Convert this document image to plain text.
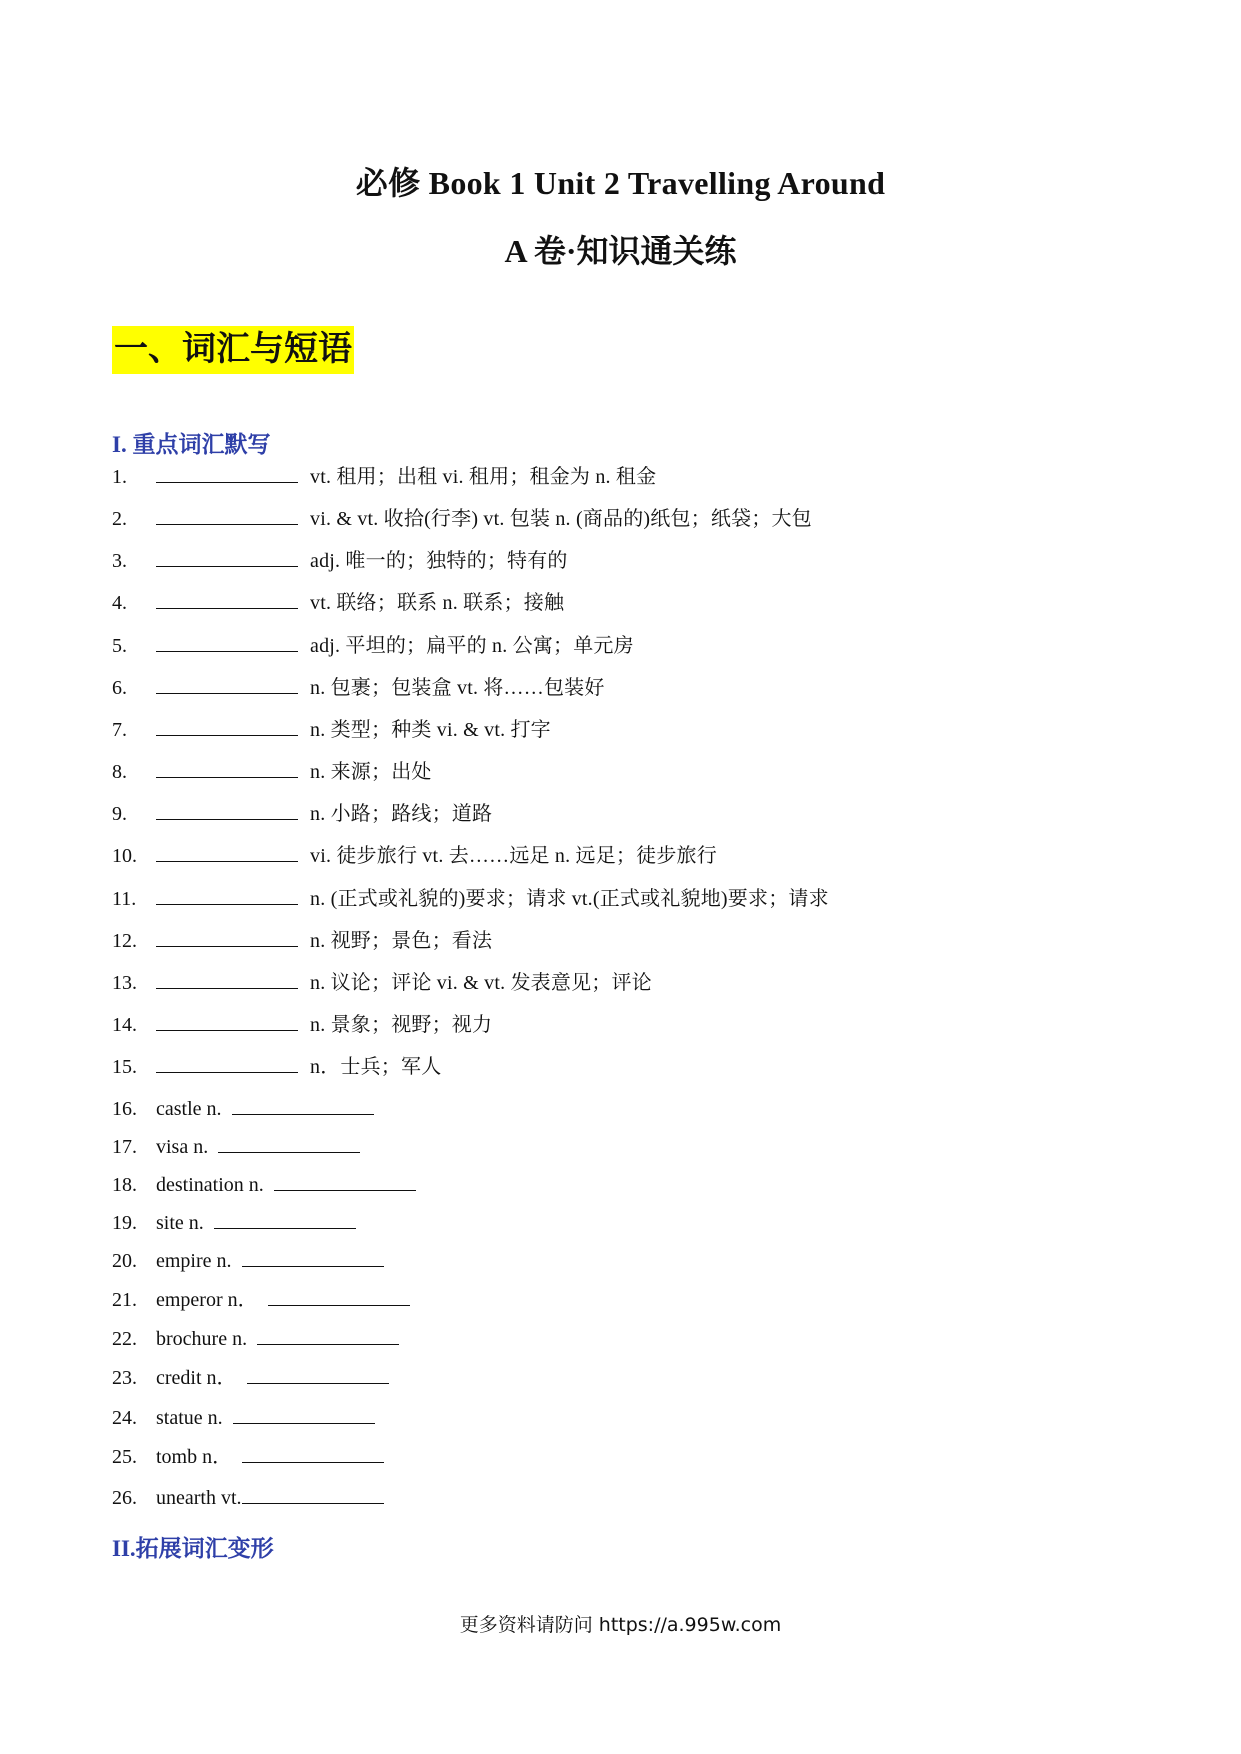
必修 Book 1 Unit 2 Travelling Around
A 卷·知识通关练
一、词汇与短语
I. 重点词汇默写
1.	vt. 租用；出租 vi. 租用；租金为 n. 租金
2.	vi. & vt. 收拾(行李) vt. 包装 n. (商品的)纸包；纸袋；大包
3.	adj. 唯一的；独特的；特有的
4.	vt. 联络；联系 n. 联系；接触
5.	adj. 平坦的；扁平的 n. 公寓；单元房
6.	n. 包裹；包装盒 vt. 将……包装好
7.	n. 类型；种类 vi. & vt. 打字
8.	n. 来源；出处
9.	n. 小路；路线；道路
10.	vi. 徒步旅行 vt. 去……远足 n. 远足；徒步旅行
11.	n. (正式或礼貌的)要求；请求 vt.(正式或礼貌地)要求；请求
12.	n. 视野；景色；看法
13.	n. 议论；评论 vi. & vt. 发表意见；评论
14.	n. 景象；视野；视力
15.	n．士兵；军人
16. castle n.
17. visa n.
18. destination n.
19. site n.
20. empire n.
21. emperor n．
22. brochure n.
23. credit n．
24. statue n.
25. tomb n．
26. unearth vt.
II.拓展词汇变形
更多资料请防问 https://a.995w.com
